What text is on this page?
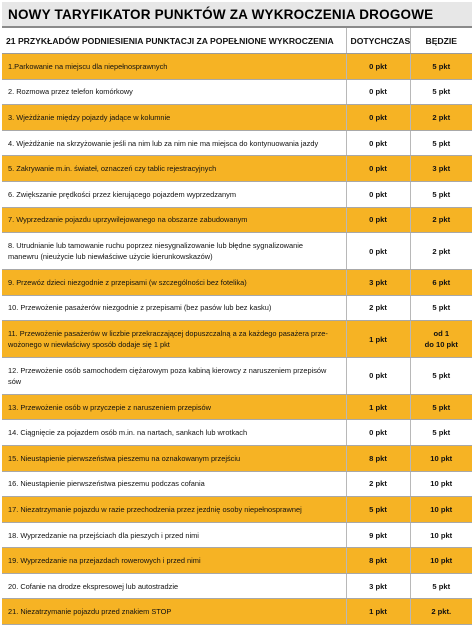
NOWY TARYFIKATOR PUNKTÓW ZA WYKROCZENIA DROGOWE
21 PRZYKŁADÓW PODNIESIENIA PUNKTACJI ZA POPEŁNIONE WYKROCZENIA	DOTYCHCZAS	BĘDZIE
1.Parkowanie na miejscu dla niepełnosprawnych	0 pkt	5 pkt
2. Rozmowa przez telefon komórkowy	0 pkt	5 pkt
3. Wjeżdżanie między pojazdy jadące w kolumnie	0 pkt	2 pkt
4. Wjeżdżanie na skrzyżowanie jeśli na nim lub za nim nie ma miejsca do kontynuowania jazdy	0 pkt	5 pkt
5. Zakrywanie m.in. świateł, oznaczeń czy tablic rejestracyjnych	0 pkt	3 pkt
6. Zwiększanie prędkości przez kierującego pojazdem wyprzedzanym	0 pkt	5 pkt
7. Wyprzedzanie pojazdu uprzywilejowanego na obszarze zabudowanym	0 pkt	2 pkt
8. Utrudnianie lub tamowanie ruchu poprzez niesygnalizowanie lub błędne sygnalizowanie
manewru (nieużycie lub niewłaściwe użycie kierunkowskazów)	0 pkt	2 pkt
9. Przewóz dzieci niezgodnie z przepisami (w szczególności bez fotelika)	3 pkt	6 pkt
10. Przewożenie pasażerów niezgodnie z przepisami (bez pasów lub bez kasku)	2 pkt	5 pkt
11. Przewożenie pasażerów w liczbie przekraczającej dopuszczalną a za każdego pasażera prze-
wożonego w niewłaściwy sposób dodaje się 1 pkt	1 pkt	od 1
do 10 pkt
12. Przewożenie osób samochodem ciężarowym poza kabiną kierowcy z naruszeniem przepisów
sów	0 pkt	5 pkt
13. Przewożenie osób w przyczepie z naruszeniem przepisów	1 pkt	5 pkt
14. Ciągnięcie za pojazdem osób m.in. na nartach, sankach lub wrotkach	0 pkt	5 pkt
15. Nieustąpienie pierwszeństwa pieszemu na oznakowanym przejściu	8 pkt	10 pkt
16. Nieustąpienie pierwszeństwa pieszemu podczas cofania	2 pkt	10 pkt
17. Niezatrzymanie pojazdu w razie przechodzenia przez jezdnię osoby niepełnosprawnej	5 pkt	10 pkt
18. Wyprzedzanie na przejściach dla pieszych i przed nimi	9 pkt	10 pkt
19. Wyprzedzanie na przejazdach rowerowych i przed nimi	8 pkt	10 pkt
20. Cofanie na drodze ekspresowej lub autostradzie	3 pkt	5 pkt
21. Niezatrzymanie pojazdu przed znakiem STOP	1 pkt	2 pkt.
